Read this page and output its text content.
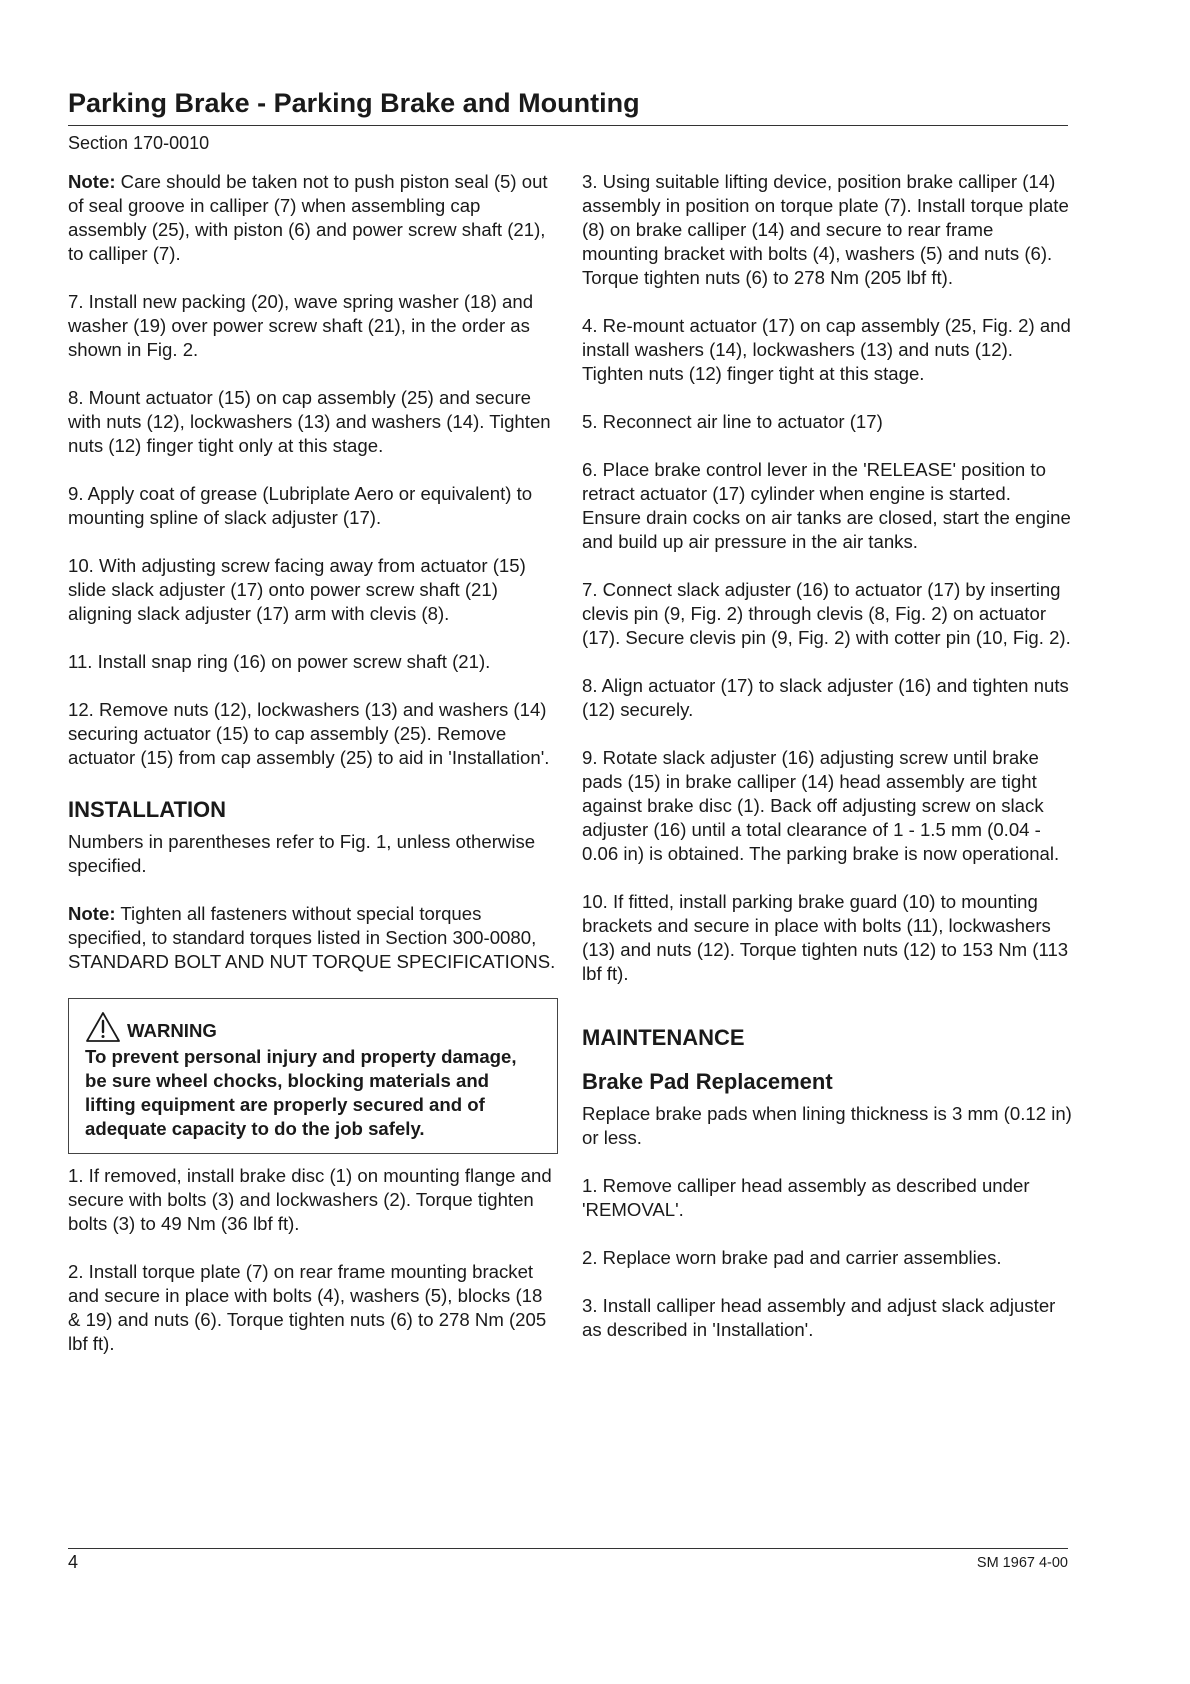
Parking Brake - Parking Brake and Mounting
Section 170-0010

Note: Care should be taken not to push piston seal (5) out of seal groove in calliper (7) when assembling cap assembly (25), with piston (6) and power screw shaft (21), to calliper (7).

7. Install new packing (20), wave spring washer (18) and washer (19) over power screw shaft (21), in the order as shown in Fig. 2.

8. Mount actuator (15) on cap assembly (25) and secure with nuts (12), lockwashers (13) and washers (14). Tighten nuts (12) finger tight only at this stage.

9. Apply coat of grease (Lubriplate Aero or equivalent) to mounting spline of slack adjuster (17).

10. With adjusting screw facing away from actuator (15) slide slack adjuster (17) onto power screw shaft (21) aligning slack adjuster (17) arm with clevis (8).

11. Install snap ring (16) on power screw shaft (21).

12. Remove nuts (12), lockwashers (13) and washers (14) securing actuator (15) to cap assembly (25). Remove actuator (15) from cap assembly (25) to aid in 'Installation'.

INSTALLATION

Numbers in parentheses refer to Fig. 1, unless otherwise specified.

Note: Tighten all fasteners without special torques specified, to standard torques listed in Section 300-0080, STANDARD BOLT AND NUT TORQUE SPECIFICATIONS.

WARNING
To prevent personal injury and property damage, be sure wheel chocks, blocking materials and lifting equipment are properly secured and of adequate capacity to do the job safely.

1. If removed, install brake disc (1) on mounting flange and secure with bolts (3) and lockwashers (2). Torque tighten bolts (3) to 49 Nm (36 lbf ft).

2. Install torque plate (7) on rear frame mounting bracket and secure in place with bolts (4), washers (5), blocks (18 & 19) and nuts (6). Torque tighten nuts (6) to 278 Nm (205 lbf ft).

3. Using suitable lifting device, position brake calliper (14) assembly in position on torque plate (7). Install torque plate (8) on brake calliper (14) and secure to rear frame mounting bracket with bolts (4), washers (5) and nuts (6). Torque tighten nuts (6) to 278 Nm (205 lbf ft).

4. Re-mount actuator (17) on cap assembly (25, Fig. 2) and install washers (14), lockwashers (13) and nuts (12). Tighten nuts (12) finger tight at this stage.

5. Reconnect air line to actuator (17)

6. Place brake control lever in the 'RELEASE' position to retract actuator (17) cylinder when engine is started. Ensure drain cocks on air tanks are closed, start the engine and build up air pressure in the air tanks.

7. Connect slack adjuster (16) to actuator (17) by inserting clevis pin (9, Fig. 2) through clevis (8, Fig. 2) on actuator (17). Secure clevis pin (9, Fig. 2) with cotter pin (10, Fig. 2).

8. Align actuator (17) to slack adjuster (16) and tighten nuts (12) securely.

9. Rotate slack adjuster (16) adjusting screw until brake pads (15) in brake calliper (14) head assembly are tight against brake disc (1). Back off adjusting screw on slack adjuster (16) until a total clearance of 1 - 1.5 mm (0.04 - 0.06 in) is obtained. The parking brake is now operational.

10. If fitted, install parking brake guard (10) to mounting brackets and secure in place with bolts (11), lockwashers (13) and nuts (12). Torque tighten nuts (12) to 153 Nm (113 lbf ft).

MAINTENANCE
Brake Pad Replacement

Replace brake pads when lining thickness is 3 mm (0.12 in) or less.

1. Remove calliper head assembly as described under 'REMOVAL'.

2. Replace worn brake pad and carrier assemblies.

3. Install calliper head assembly and adjust slack adjuster as described in 'Installation'.

4	SM 1967 4-00
